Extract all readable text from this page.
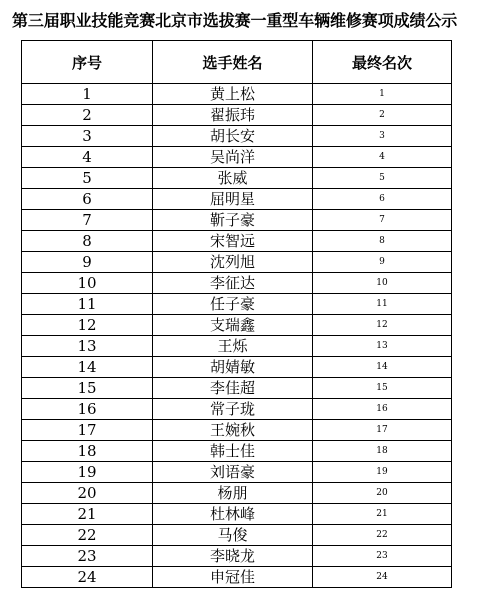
第三届职业技能竞赛北京市选拔赛一重型车辆维修赛项成绩公示
序号	选手姓名	最终名次
1	黄上松	1
2	翟振玮	2
3	胡长安	3
4	吴尚洋	4
5	张威	5
6	屈明星	6
7	靳子豪	7
8	宋智远	8
9	沈列旭	9
10	李征达	10
11	任子豪	11
12	支瑞鑫	12
13	王烁	13
14	胡婧敏	14
15	李佳超	15
16	常子珑	16
17	王婉秋	17
18	韩士佳	18
19	刘语豪	19
20	杨朋	20
21	杜林峰	21
22	马俊	22
23	李晓龙	23
24	申冠佳	24
